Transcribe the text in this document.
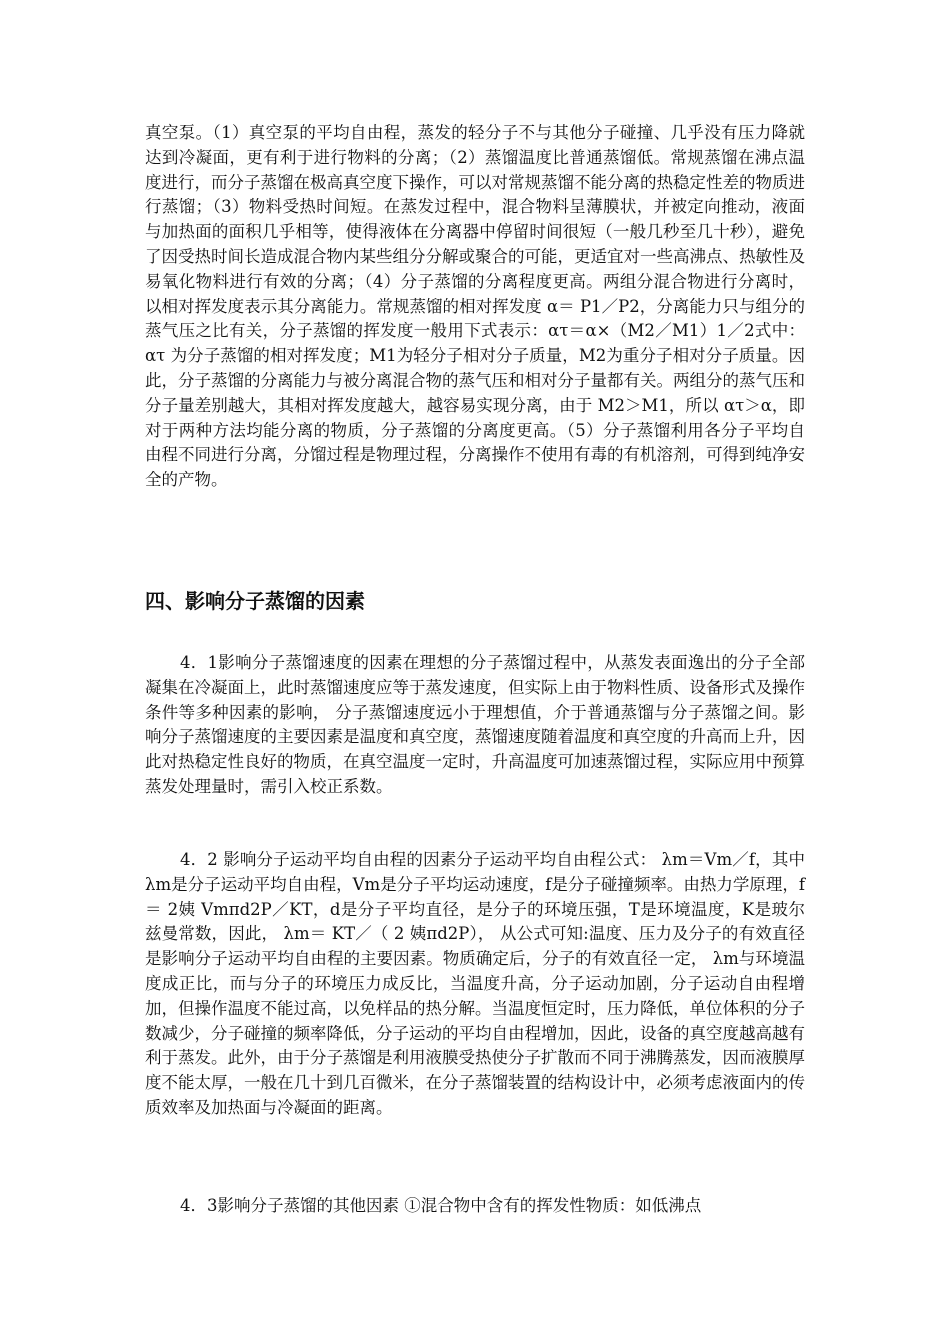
真空泵。（1）真空泵的平均自由程，蒸发的轻分子不与其他分子碰撞、几乎没有压力降就达到冷凝面，更有利于进行物料的分离；（2）蒸馏温度比普通蒸馏低。常规蒸馏在沸点温度进行，而分子蒸馏在极高真空度下操作，可以对常规蒸馏不能分离的热稳定性差的物质进行蒸馏；（3）物料受热时间短。在蒸发过程中，混合物料呈薄膜状，并被定向推动，液面与加热面的面积几乎相等，使得液体在分离器中停留时间很短（一般几秒至几十秒），避免了因受热时间长造成混合物内某些组分分解或聚合的可能，更适宜对一些高沸点、热敏性及易氧化物料进行有效的分离；（4）分子蒸馏的分离程度更高。两组分混合物进行分离时，以相对挥发度表示其分离能力。常规蒸馏的相对挥发度 α＝ P1／P2，分离能力只与组分的蒸气压之比有关，分子蒸馏的挥发度一般用下式表示：ατ＝α×（M2／M1）1／2式中：ατ 为分子蒸馏的相对挥发度；M1为轻分子相对分子质量，M2为重分子相对分子质量。因此，分子蒸馏的分离能力与被分离混合物的蒸气压和相对分子量都有关。两组分的蒸气压和分子量差别越大，其相对挥发度越大，越容易实现分离，由于 M2＞M1，所以 ατ＞α，即对于两种方法均能分离的物质，分子蒸馏的分离度更高。（5）分子蒸馏利用各分子平均自由程不同进行分离，分馏过程是物理过程，分离操作不使用有毒的有机溶剂，可得到纯净安全的产物。
四、影响分子蒸馏的因素
4．1影响分子蒸馏速度的因素在理想的分子蒸馏过程中，从蒸发表面逸出的分子全部凝集在冷凝面上，此时蒸馏速度应等于蒸发速度，但实际上由于物料性质、设备形式及操作条件等多种因素的影响， 分子蒸馏速度远小于理想值，介于普通蒸馏与分子蒸馏之间。影响分子蒸馏速度的主要因素是温度和真空度，蒸馏速度随着温度和真空度的升高而上升，因此对热稳定性良好的物质，在真空温度一定时，升高温度可加速蒸馏过程，实际应用中预算蒸发处理量时，需引入校正系数。
4．2 影响分子运动平均自由程的因素分子运动平均自由程公式： λm＝Vm／f，其中 λm是分子运动平均自由程，Vm是分子平均运动速度，f是分子碰撞频率。由热力学原理，f＝ 2姨 Vmπd2P／KT，d是分子平均直径，是分子的环境压强，T是环境温度，K是玻尔兹曼常数，因此， λm＝ KT／（ 2 姨πd2P）， 从公式可知:温度、压力及分子的有效直径是影响分子运动平均自由程的主要因素。物质确定后，分子的有效直径一定， λm与环境温度成正比，而与分子的环境压力成反比，当温度升高，分子运动加剧，分子运动自由程增加，但操作温度不能过高，以免样品的热分解。当温度恒定时，压力降低，单位体积的分子数减少，分子碰撞的频率降低，分子运动的平均自由程增加，因此，设备的真空度越高越有利于蒸发。此外，由于分子蒸馏是利用液膜受热使分子扩散而不同于沸腾蒸发，因而液膜厚度不能太厚，一般在几十到几百微米，在分子蒸馏装置的结构设计中，必须考虑液面内的传质效率及加热面与冷凝面的距离。
4．3影响分子蒸馏的其他因素 ①混合物中含有的挥发性物质：如低沸点
